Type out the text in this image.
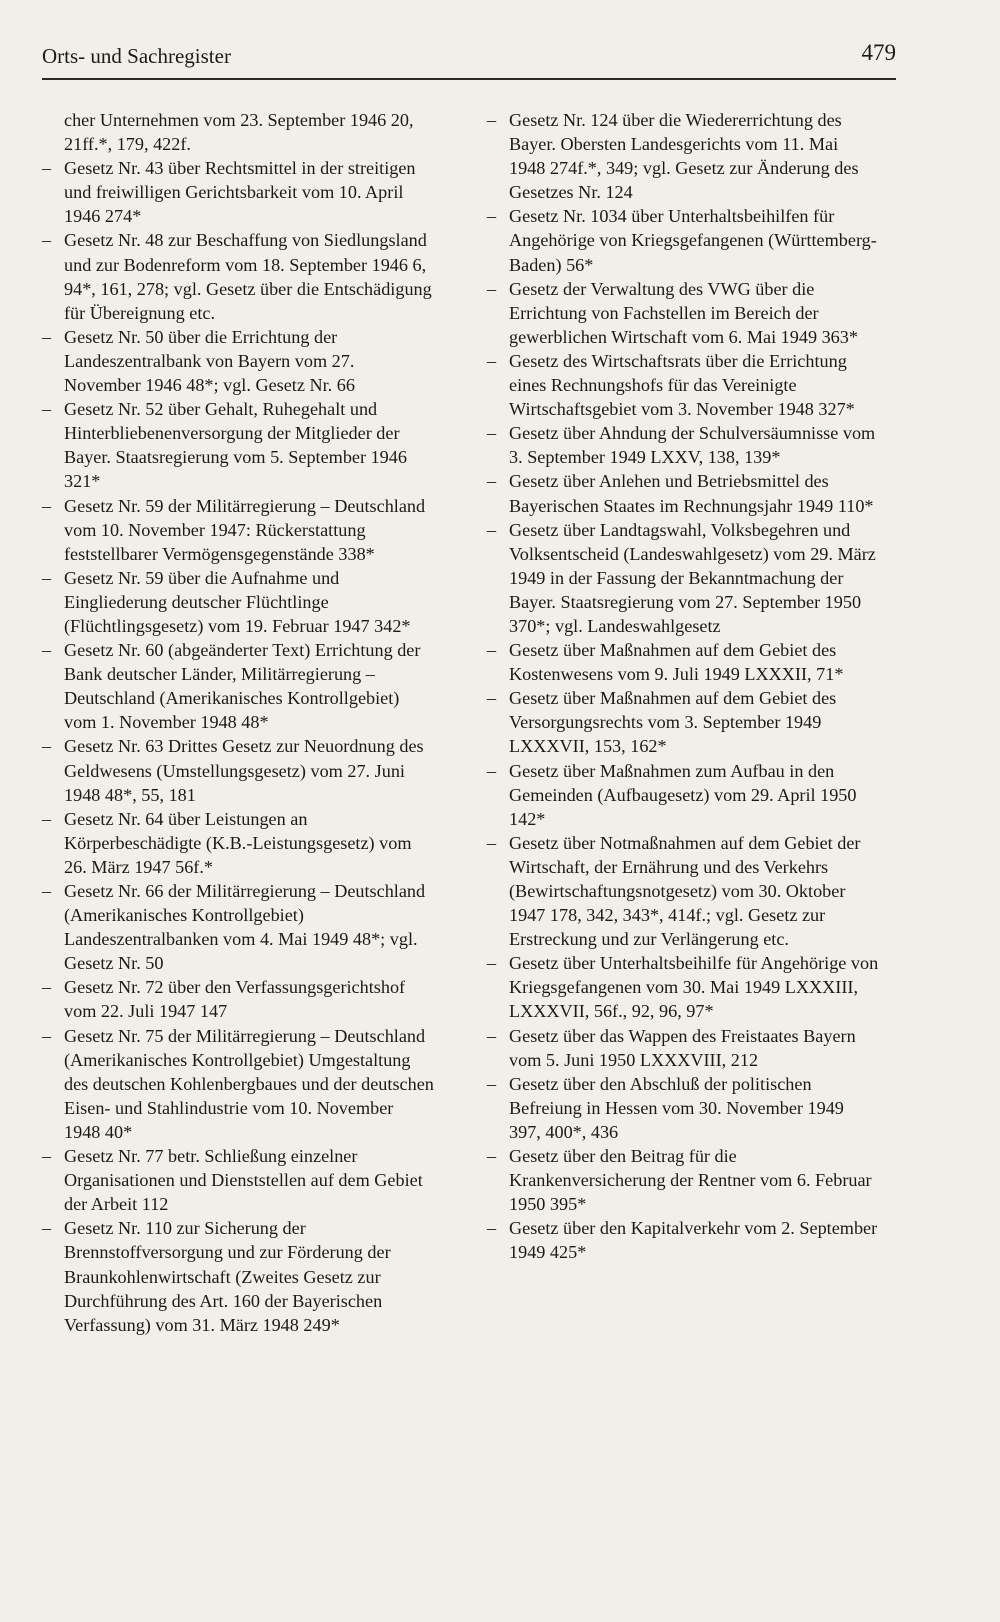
Orts- und Sachregister	479

cher Unternehmen vom 23. September 1946 20, 21ff.*, 179, 422f.

– Gesetz Nr. 43 über Rechtsmittel in der streitigen und freiwilligen Gerichtsbarkeit vom 10. April 1946 274*

– Gesetz Nr. 48 zur Beschaffung von Siedlungsland und zur Bodenreform vom 18. September 1946 6, 94*, 161, 278; vgl. Gesetz über die Entschädigung für Übereignung etc.

– Gesetz Nr. 50 über die Errichtung der Landeszentralbank von Bayern vom 27. November 1946 48*; vgl. Gesetz Nr. 66

– Gesetz Nr. 52 über Gehalt, Ruhegehalt und Hinterbliebenenversorgung der Mitglieder der Bayer. Staatsregierung vom 5. September 1946 321*

– Gesetz Nr. 59 der Militärregierung – Deutschland vom 10. November 1947: Rückerstattung feststellbarer Vermögensgegenstände 338*

– Gesetz Nr. 59 über die Aufnahme und Eingliederung deutscher Flüchtlinge (Flüchtlingsgesetz) vom 19. Februar 1947 342*

– Gesetz Nr. 60 (abgeänderter Text) Errichtung der Bank deutscher Länder, Militärregierung – Deutschland (Amerikanisches Kontrollgebiet) vom 1. November 1948 48*

– Gesetz Nr. 63 Drittes Gesetz zur Neuordnung des Geldwesens (Umstellungsgesetz) vom 27. Juni 1948 48*, 55, 181

– Gesetz Nr. 64 über Leistungen an Körperbeschädigte (K.B.-Leistungsgesetz) vom 26. März 1947 56f.*

– Gesetz Nr. 66 der Militärregierung – Deutschland (Amerikanisches Kontrollgebiet) Landeszentralbanken vom 4. Mai 1949 48*; vgl. Gesetz Nr. 50

– Gesetz Nr. 72 über den Verfassungsgerichtshof vom 22. Juli 1947 147

– Gesetz Nr. 75 der Militärregierung – Deutschland (Amerikanisches Kontrollgebiet) Umgestaltung des deutschen Kohlenbergbaues und der deutschen Eisen- und Stahlindustrie vom 10. November 1948 40*

– Gesetz Nr. 77 betr. Schließung einzelner Organisationen und Dienststellen auf dem Gebiet der Arbeit 112

– Gesetz Nr. 110 zur Sicherung der Brennstoffversorgung und zur Förderung der Braunkohlenwirtschaft (Zweites Gesetz zur Durchführung des Art. 160 der Bayerischen Verfassung) vom 31. März 1948 249*

– Gesetz Nr. 124 über die Wiedererrichtung des Bayer. Obersten Landesgerichts vom 11. Mai 1948 274f.*, 349; vgl. Gesetz zur Änderung des Gesetzes Nr. 124

– Gesetz Nr. 1034 über Unterhaltsbeihilfen für Angehörige von Kriegsgefangenen (Württemberg-Baden) 56*

– Gesetz der Verwaltung des VWG über die Errichtung von Fachstellen im Bereich der gewerblichen Wirtschaft vom 6. Mai 1949 363*

– Gesetz des Wirtschaftsrats über die Errichtung eines Rechnungshofs für das Vereinigte Wirtschaftsgebiet vom 3. November 1948 327*

– Gesetz über Ahndung der Schulversäumnisse vom 3. September 1949 LXXV, 138, 139*

– Gesetz über Anlehen und Betriebsmittel des Bayerischen Staates im Rechnungsjahr 1949 110*

– Gesetz über Landtagswahl, Volksbegehren und Volksentscheid (Landeswahlgesetz) vom 29. März 1949 in der Fassung der Bekanntmachung der Bayer. Staatsregierung vom 27. September 1950 370*; vgl. Landeswahlgesetz

– Gesetz über Maßnahmen auf dem Gebiet des Kostenwesens vom 9. Juli 1949 LXXXII, 71*

– Gesetz über Maßnahmen auf dem Gebiet des Versorgungsrechts vom 3. September 1949 LXXXVII, 153, 162*

– Gesetz über Maßnahmen zum Aufbau in den Gemeinden (Aufbaugesetz) vom 29. April 1950 142*

– Gesetz über Notmaßnahmen auf dem Gebiet der Wirtschaft, der Ernährung und des Verkehrs (Bewirtschaftungsnotgesetz) vom 30. Oktober 1947 178, 342, 343*, 414f.; vgl. Gesetz zur Erstreckung und zur Verlängerung etc.

– Gesetz über Unterhaltsbeihilfe für Angehörige von Kriegsgefangenen vom 30. Mai 1949 LXXXIII, LXXXVII, 56f., 92, 96, 97*

– Gesetz über das Wappen des Freistaates Bayern vom 5. Juni 1950 LXXXVIII, 212

– Gesetz über den Abschluß der politischen Befreiung in Hessen vom 30. November 1949 397, 400*, 436

– Gesetz über den Beitrag für die Krankenversicherung der Rentner vom 6. Februar 1950 395*

– Gesetz über den Kapitalverkehr vom 2. September 1949 425*
